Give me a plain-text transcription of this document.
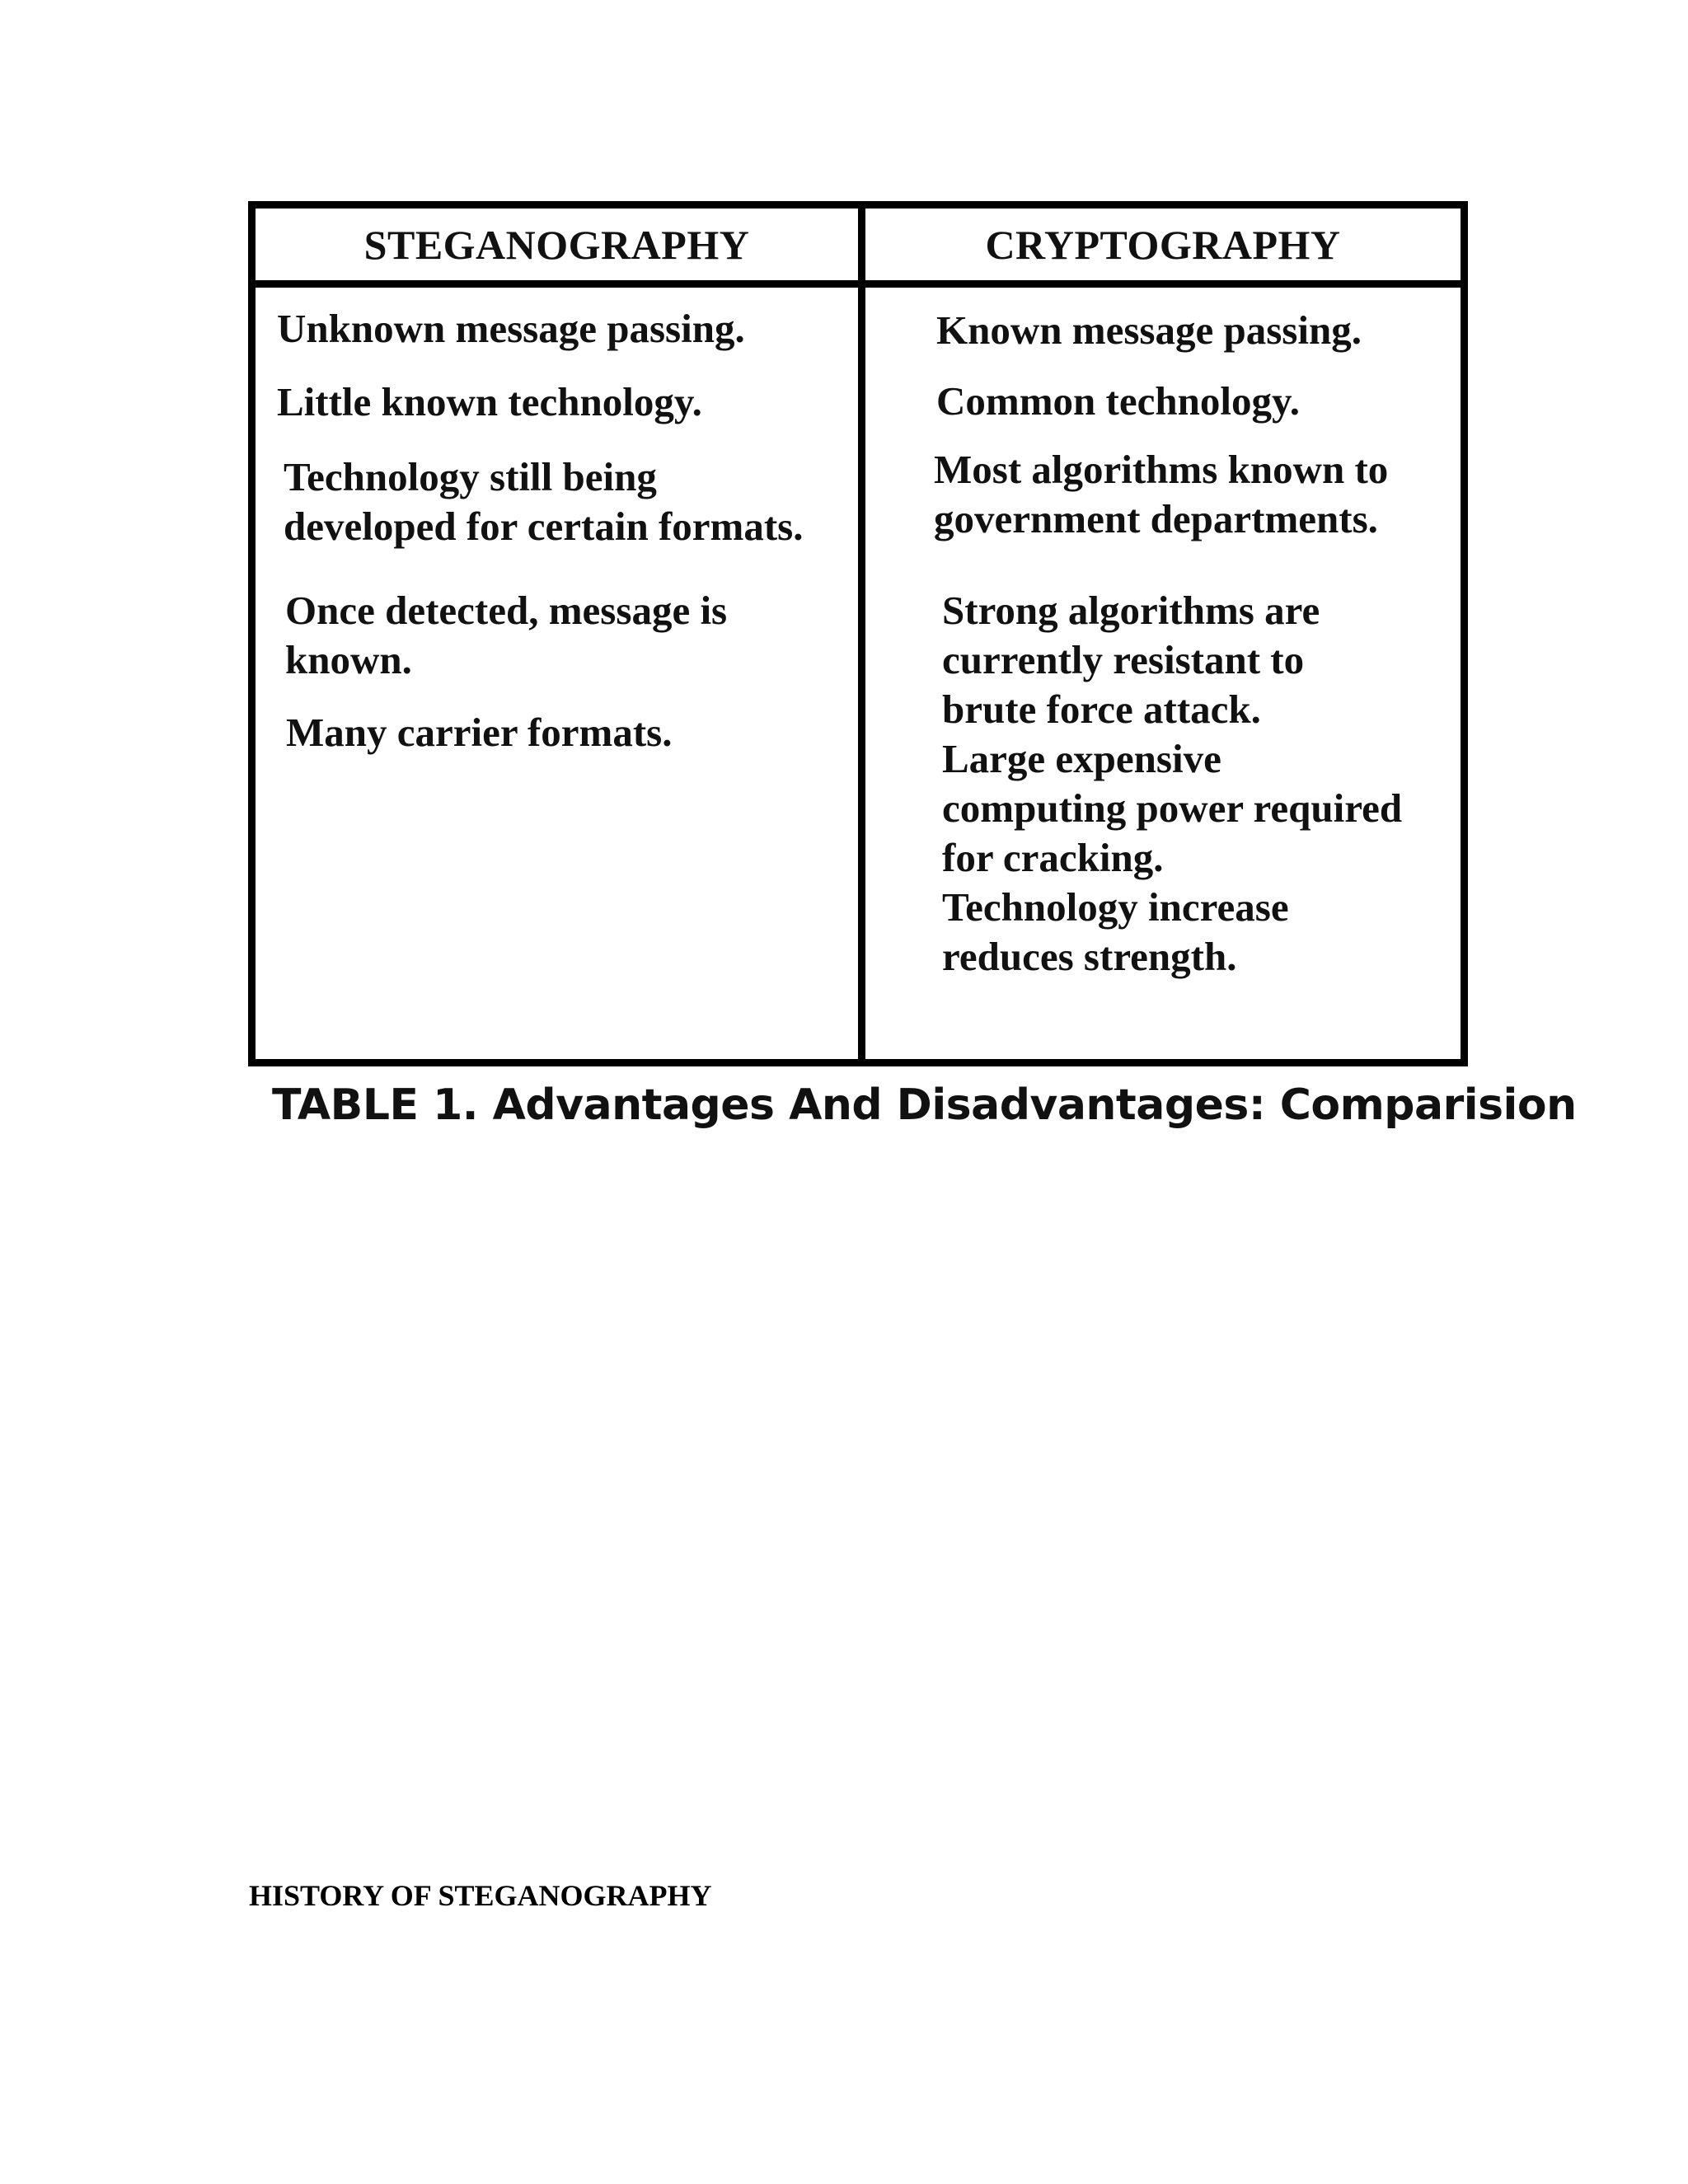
STEGANOGRAPHY	CRYPTOGRAPHY

Unknown message passing.

Little known technology.

Technology still being

developed for certain formats.

Once detected, message is

known.

Many carrier formats.

Known message passing.

Common technology.

Most algorithms known to

government departments.

Strong algorithms are

currently resistant to

brute force attack.

Large expensive

computing power required

for cracking.

Technology increase

reduces strength.

TABLE 1. Advantages And Disadvantages: Comparision

HISTORY OF STEGANOGRAPHY
